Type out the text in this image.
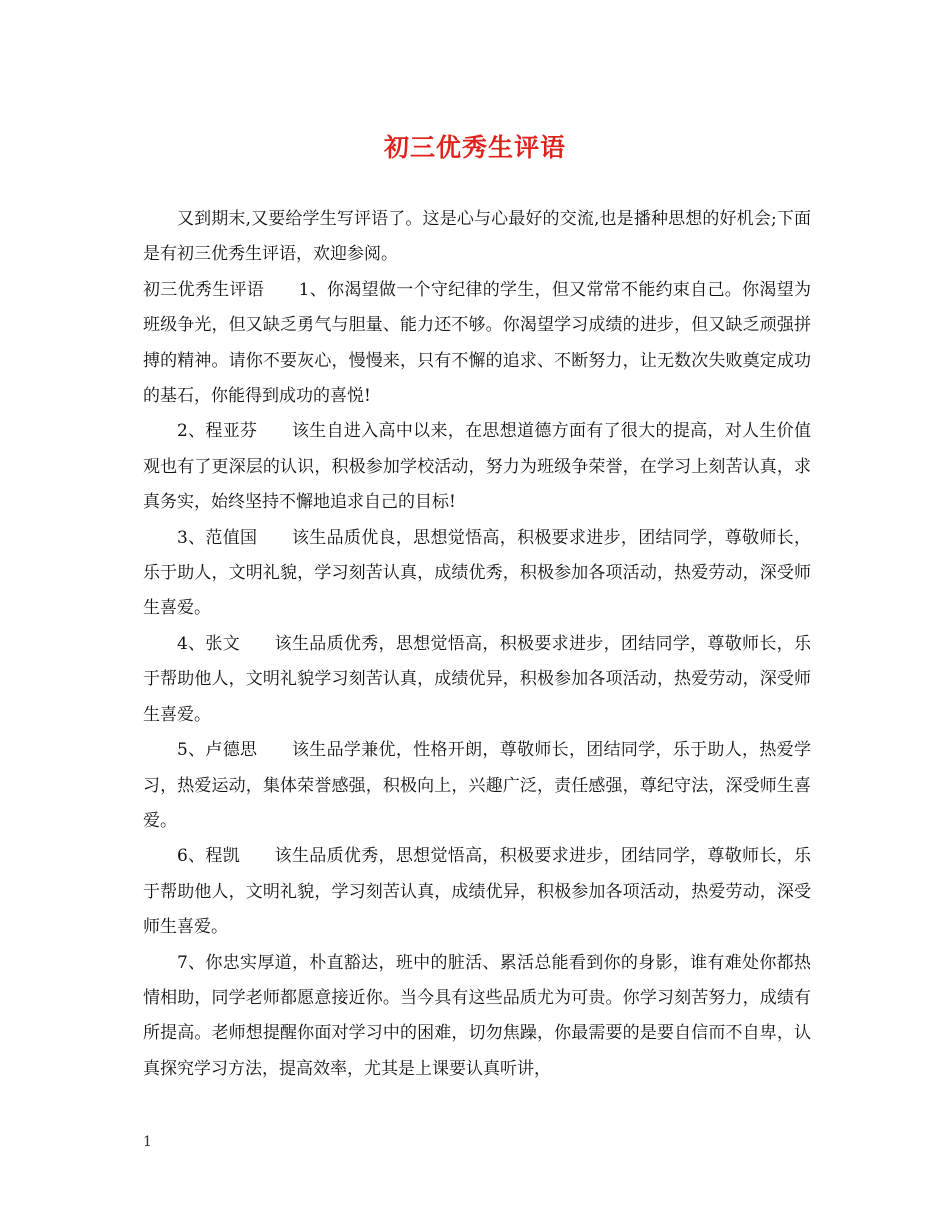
初三优秀生评语

又到期末,又要给学生写评语了。这是心与心最好的交流,也是播种思想的好机会;下面是有初三优秀生评语，欢迎参阅。

初三优秀生评语　　1、你渴望做一个守纪律的学生，但又常常不能约束自己。你渴望为班级争光，但又缺乏勇气与胆量、能力还不够。你渴望学习成绩的进步，但又缺乏顽强拼搏的精神。请你不要灰心，慢慢来，只有不懈的追求、不断努力，让无数次失败奠定成功的基石，你能得到成功的喜悦!

2、程亚芬　　该生自进入高中以来，在思想道德方面有了很大的提高，对人生价值观也有了更深层的认识，积极参加学校活动，努力为班级争荣誉，在学习上刻苦认真，求真务实，始终坚持不懈地追求自己的目标!

3、范值国　　该生品质优良，思想觉悟高，积极要求进步，团结同学，尊敬师长，乐于助人，文明礼貌，学习刻苦认真，成绩优秀，积极参加各项活动，热爱劳动，深受师生喜爱。

4、张文　　该生品质优秀，思想觉悟高，积极要求进步，团结同学，尊敬师长，乐于帮助他人，文明礼貌学习刻苦认真，成绩优异，积极参加各项活动，热爱劳动，深受师生喜爱。

5、卢德思　　该生品学兼优，性格开朗，尊敬师长，团结同学，乐于助人，热爱学习，热爱运动，集体荣誉感强，积极向上，兴趣广泛，责任感强，尊纪守法，深受师生喜爱。

6、程凯　　该生品质优秀，思想觉悟高，积极要求进步，团结同学，尊敬师长，乐于帮助他人，文明礼貌，学习刻苦认真，成绩优异，积极参加各项活动，热爱劳动，深受师生喜爱。

7、你忠实厚道，朴直豁达，班中的脏活、累活总能看到你的身影，谁有难处你都热情相助，同学老师都愿意接近你。当今具有这些品质尤为可贵。你学习刻苦努力，成绩有所提高。老师想提醒你面对学习中的困难，切勿焦躁，你最需要的是要自信而不自卑，认真探究学习方法，提高效率，尤其是上课要认真听讲，

1
